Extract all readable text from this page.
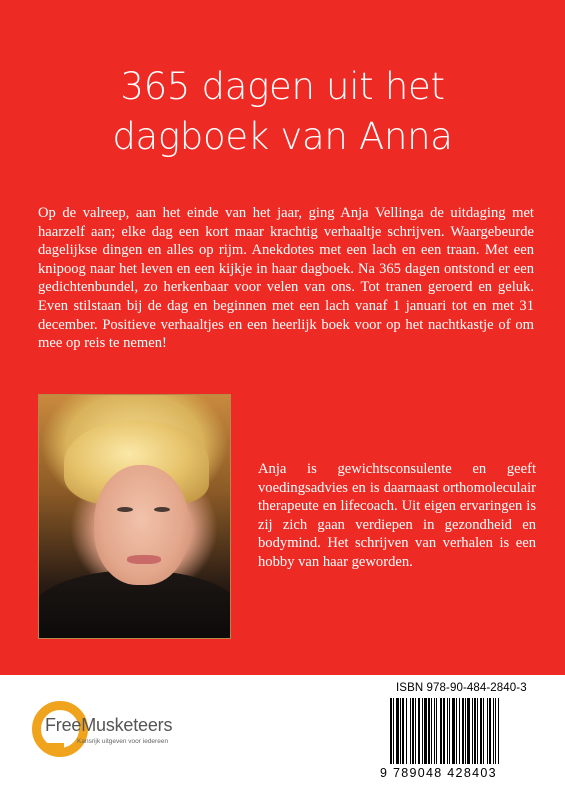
365 dagen uit het
dagboek van Anna

Op de valreep, aan het einde van het jaar, ging Anja Vellinga de uitdaging met haarzelf aan; elke dag een kort maar krachtig verhaaltje schrijven. Waargebeurde dagelijkse dingen en alles op rijm. Anekdotes met een lach en een traan. Met een knipoog naar het leven en een kijkje in haar dagboek. Na 365 dagen ontstond er een gedichtenbundel, zo herkenbaar voor velen van ons. Tot tranen geroerd en geluk. Even stilstaan bij de dag en beginnen met een lach vanaf 1 januari tot en met 31 december. Positieve verhaaltjes en een heerlijk boek voor op het nachtkastje of om mee op reis te nemen!

Anja is gewichtsconsulente en geeft voedingsadvies en is daarnaast orthomoleculair therapeute en lifecoach. Uit eigen ervaringen is zij zich gaan verdiepen in gezondheid en bodymind. Het schrijven van verhalen is een hobby van haar geworden.

FreeMusketeers
Kansrijk uitgeven voor iedereen
ISBN 978-90-484-2840-3
9 789048 428403
